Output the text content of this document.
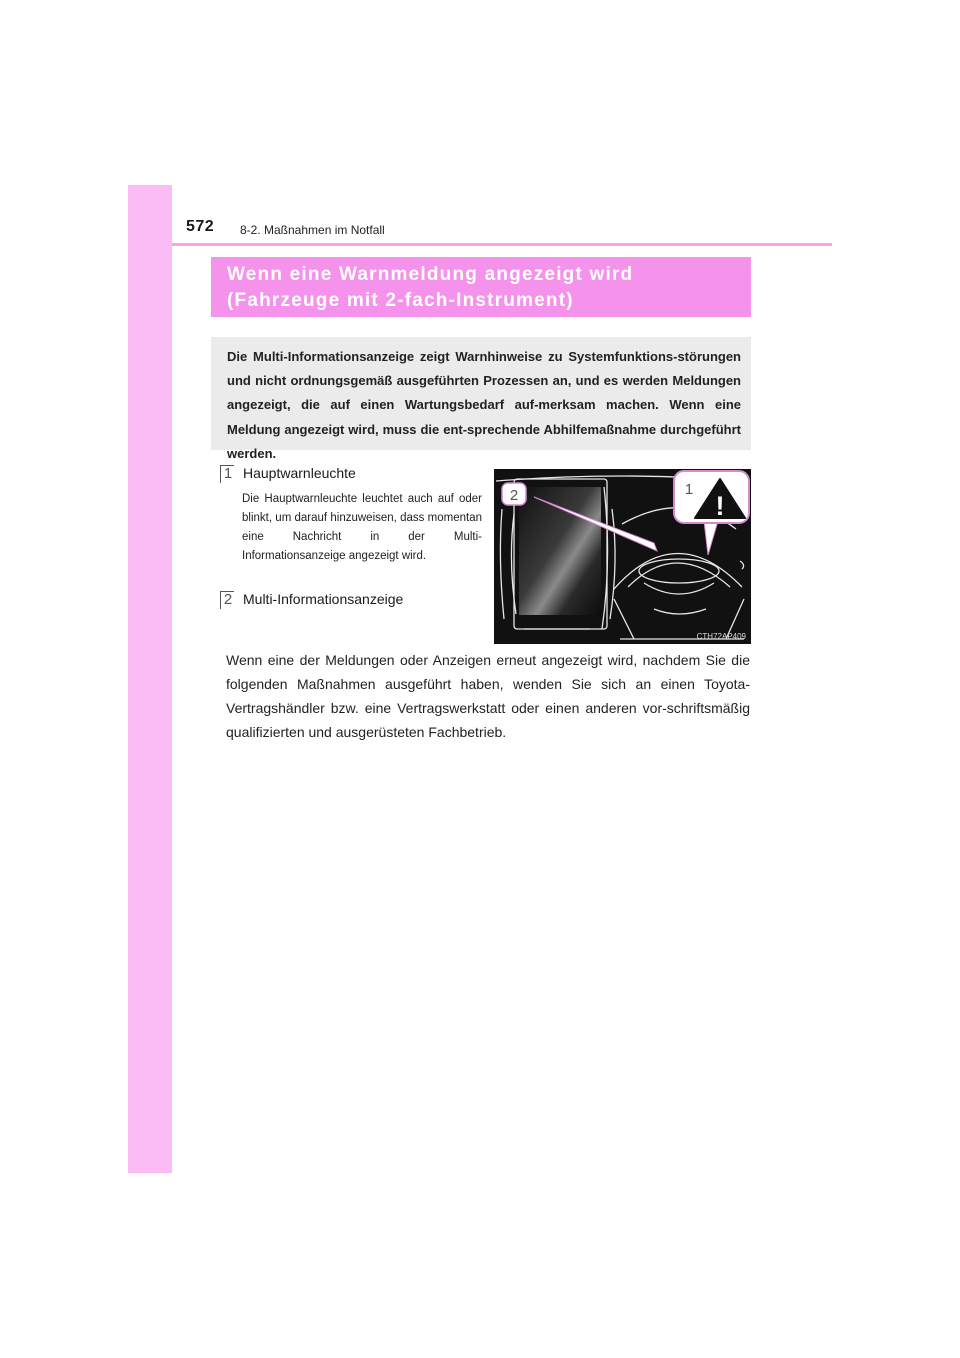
572 8-2. Maßnahmen im Notfall
Wenn eine Warnmeldung angezeigt wird
(Fahrzeuge mit 2-fach-Instrument)

Die Multi-Informationsanzeige zeigt Warnhinweise zu Systemfunktions-störungen und nicht ordnungsgemäß ausgeführten Prozessen an, und es werden Meldungen angezeigt, die auf einen Wartungsbedarf auf-merksam machen. Wenn eine Meldung angezeigt wird, muss die ent-sprechende Abhilfemaßnahme durchgeführt werden.

1 Hauptwarnleuchte
Die Hauptwarnleuchte leuchtet auch auf oder blinkt, um darauf hinzuweisen, dass momentan eine Nachricht in der Multi-Informationsanzeige angezeigt wird.
2 Multi-Informationsanzeige
2	1
!
CTH72AP409
Wenn eine der Meldungen oder Anzeigen erneut angezeigt wird, nachdem Sie die folgenden Maßnahmen ausgeführt haben, wenden Sie sich an einen Toyota-Vertragshändler bzw. eine Vertragswerkstatt oder einen anderen vor-schriftsmäßig qualifizierten und ausgerüsteten Fachbetrieb.
